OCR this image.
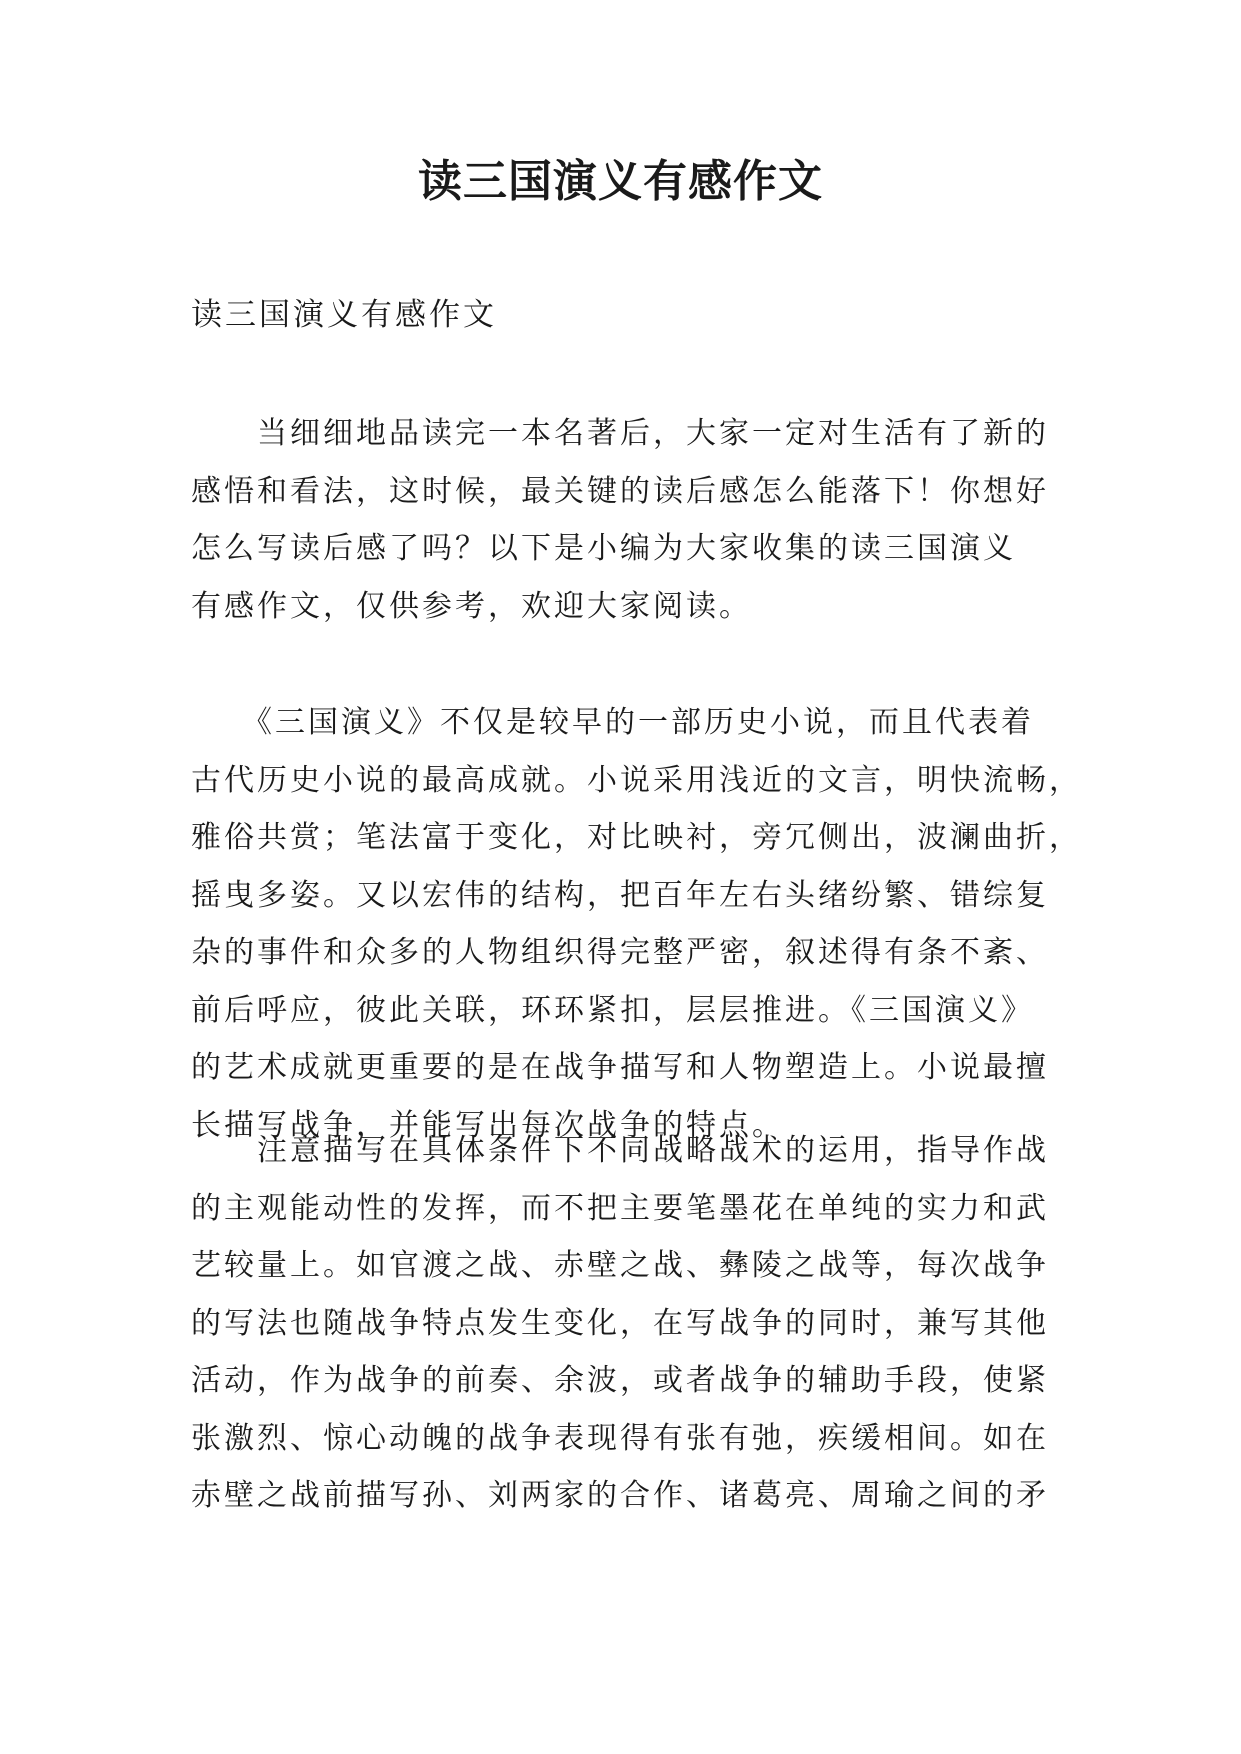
读三国演义有感作文

读三国演义有感作文

　　当细细地品读完一本名著后，大家一定对生活有了新的
感悟和看法，这时候，最关键的读后感怎么能落下！你想好
怎么写读后感了吗？以下是小编为大家收集的读三国演义
有感作文，仅供参考，欢迎大家阅读。

　　《三国演义》不仅是较早的一部历史小说，而且代表着
古代历史小说的最高成就。小说采用浅近的文言，明快流畅，
雅俗共赏；笔法富于变化，对比映衬，旁冗侧出，波澜曲折，
摇曳多姿。又以宏伟的结构，把百年左右头绪纷繁、错综复
杂的事件和众多的人物组织得完整严密，叙述得有条不紊、
前后呼应，彼此关联，环环紧扣，层层推进。《三国演义》
的艺术成就更重要的是在战争描写和人物塑造上。小说最擅
长描写战争，并能写出每次战争的特点。

　　注意描写在具体条件下不同战略战术的运用，指导作战
的主观能动性的发挥，而不把主要笔墨花在单纯的实力和武
艺较量上。如官渡之战、赤壁之战、彝陵之战等，每次战争
的写法也随战争特点发生变化，在写战争的同时，兼写其他
活动，作为战争的前奏、余波，或者战争的辅助手段，使紧
张激烈、惊心动魄的战争表现得有张有弛，疾缓相间。如在
赤壁之战前描写孙、刘两家的合作、诸葛亮、周瑜之间的矛
